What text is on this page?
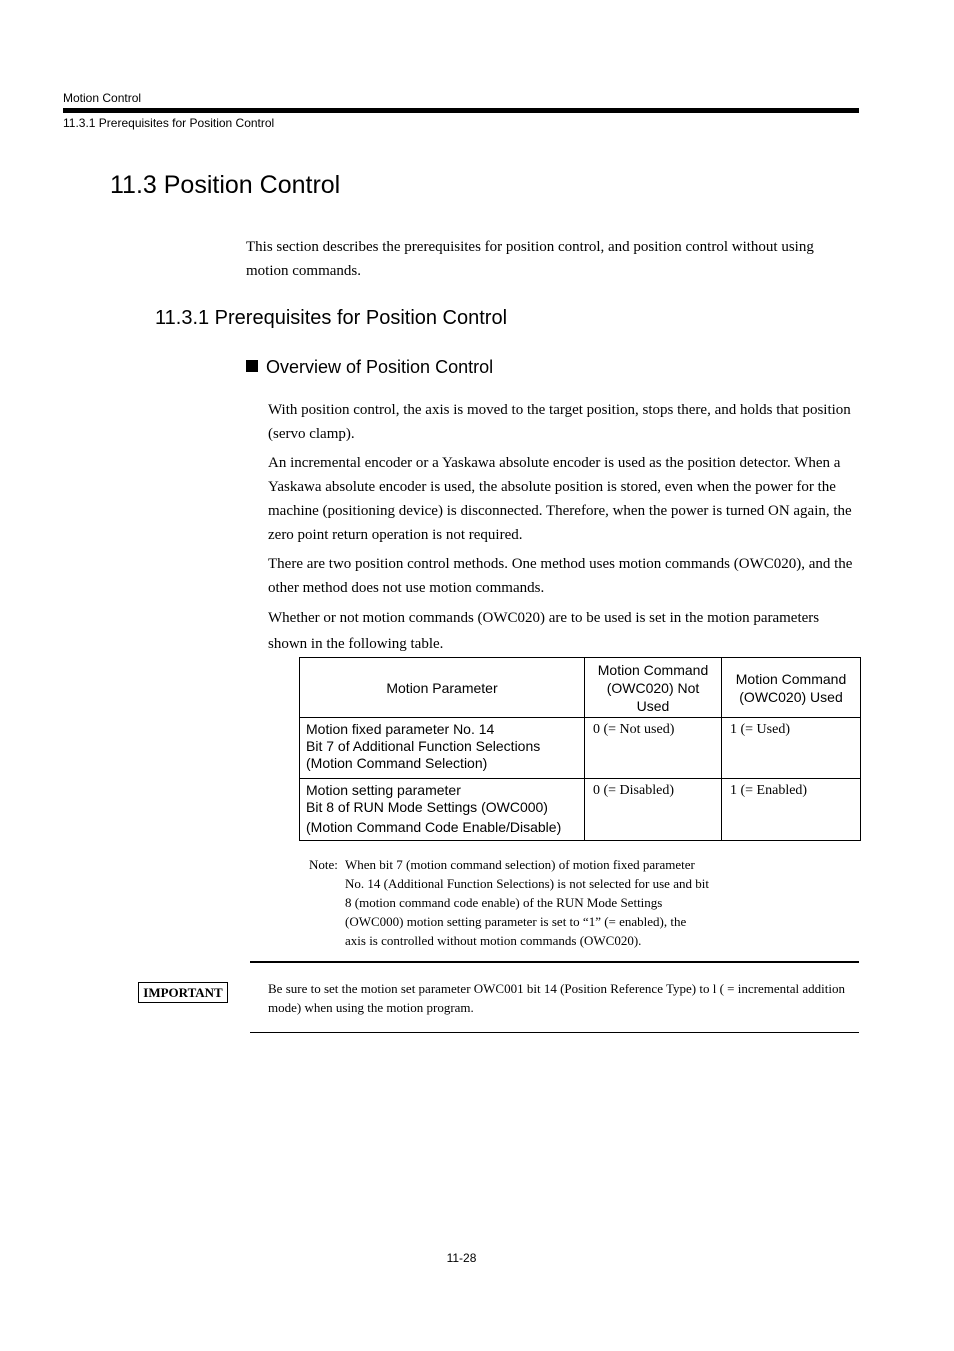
Motion Control
11.3.1 Prerequisites for Position Control
11.3 Position Control
This section describes the prerequisites for position control, and position control without using motion commands.
11.3.1 Prerequisites for Position Control
Overview of Position Control
With position control, the axis is moved to the target position, stops there, and holds that position (servo clamp).
An incremental encoder or a Yaskawa absolute encoder is used as the position detector. When a Yaskawa absolute encoder is used, the absolute position is stored, even when the power for the machine (positioning device) is disconnected. Therefore, when the power is turned ON again, the zero point return operation is not required.
There are two position control methods. One method uses motion commands (OWC020), and the other method does not use motion commands.
Whether or not motion commands (OWC020) are to be used is set in the motion parameters shown in the following table.
Motion Parameter	Motion Command (OWC020) Not Used	Motion Command (OWC020) Used

Motion fixed parameter No. 14
Bit 7 of Additional Function Selections
(Motion Command Selection)	0 (= Not used)	1 (= Used)

Motion setting parameter
Bit 8 of RUN Mode Settings (OWC000)
(Motion Command Code Enable/Disable)	0 (= Disabled)	1 (= Enabled)
Note: When bit 7 (motion command selection) of motion fixed parameter
No. 14 (Additional Function Selections) is not selected for use and bit
8 (motion command code enable) of the RUN Mode Settings
(OWC000) motion setting parameter is set to “1” (= enabled), the
axis is controlled without motion commands (OWC020).
IMPORTANT	Be sure to set the motion set parameter OWC001 bit 14 (Position Reference Type) to l ( = incremental addition mode) when using the motion program.
11-28
